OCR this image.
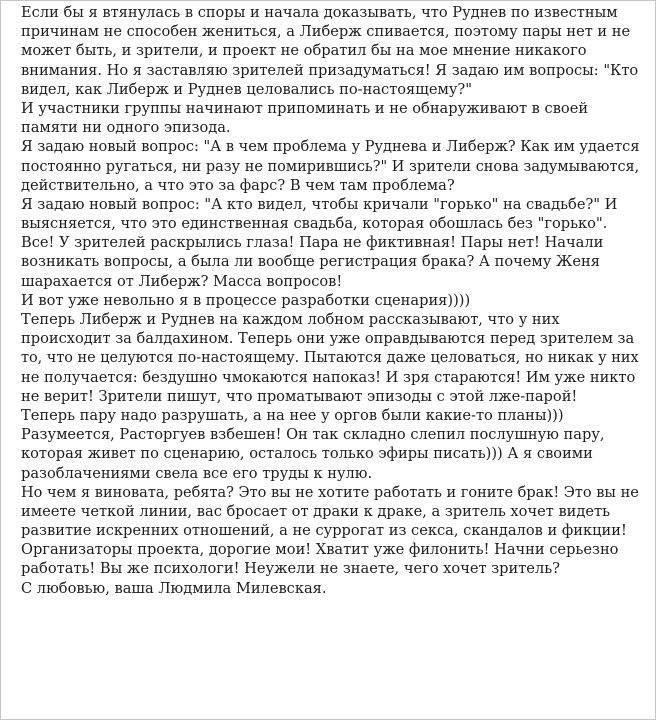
Если бы я втянулась в споры и начала доказывать, что Руднев по известным
причинам не способен жениться, а Либерж спивается, поэтому пары нет и не
может быть, и зрители, и проект не обратил бы на мое мнение никакого
внимания. Но я заставляю зрителей призадуматься! Я задаю им вопросы: "Кто
видел, как Либерж и Руднев целовались по-настоящему?"
И участники группы начинают припоминать и не обнаруживают в своей
памяти ни одного эпизода.
Я задаю новый вопрос: "А в чем проблема у Руднева и Либерж? Как им удается
постоянно ругаться, ни разу не помирившись?" И зрители снова задумываются,
действительно, а что это за фарс? В чем там проблема?
Я задаю новый вопрос: "А кто видел, чтобы кричали "горько" на свадьбе?" И
выясняется, что это единственная свадьба, которая обошлась без "горько".
Все! У зрителей раскрылись глаза! Пара не фиктивная! Пары нет! Начали
возникать вопросы, а была ли вообще регистрация брака? А почему Женя
шарахается от Либерж? Масса вопросов!
И вот уже невольно я в процессе разработки сценария))))
Теперь Либерж и Руднев на каждом лобном рассказывают, что у них
происходит за балдахином. Теперь они уже оправдываются перед зрителем за
то, что не целуются по-настоящему. Пытаются даже целоваться, но никак у них
не получается: бездушно чмокаются напоказ! И зря стараются! Им уже никто
не верит! Зрители пишут, что проматывают эпизоды с этой лже-парой!
Теперь пару надо разрушать, а на нее у оргов были какие-то планы)))
Разумеется, Расторгуев взбешен! Он так складно слепил послушную пару,
которая живет по сценарию, осталось только эфиры писать))) А я своими
разоблачениями свела все его труды к нулю.
Но чем я виновата, ребята? Это вы не хотите работать и гоните брак! Это вы не
имеете четкой линии, вас бросает от драки к драке, а зритель хочет видеть
развитие искренних отношений, а не суррогат из секса, скандалов и фикции!
Организаторы проекта, дорогие мои! Хватит уже филонить! Начни серьезно
работать! Вы же психологи! Неужели не знаете, чего хочет зритель?
С любовью, ваша Людмила Милевская.
